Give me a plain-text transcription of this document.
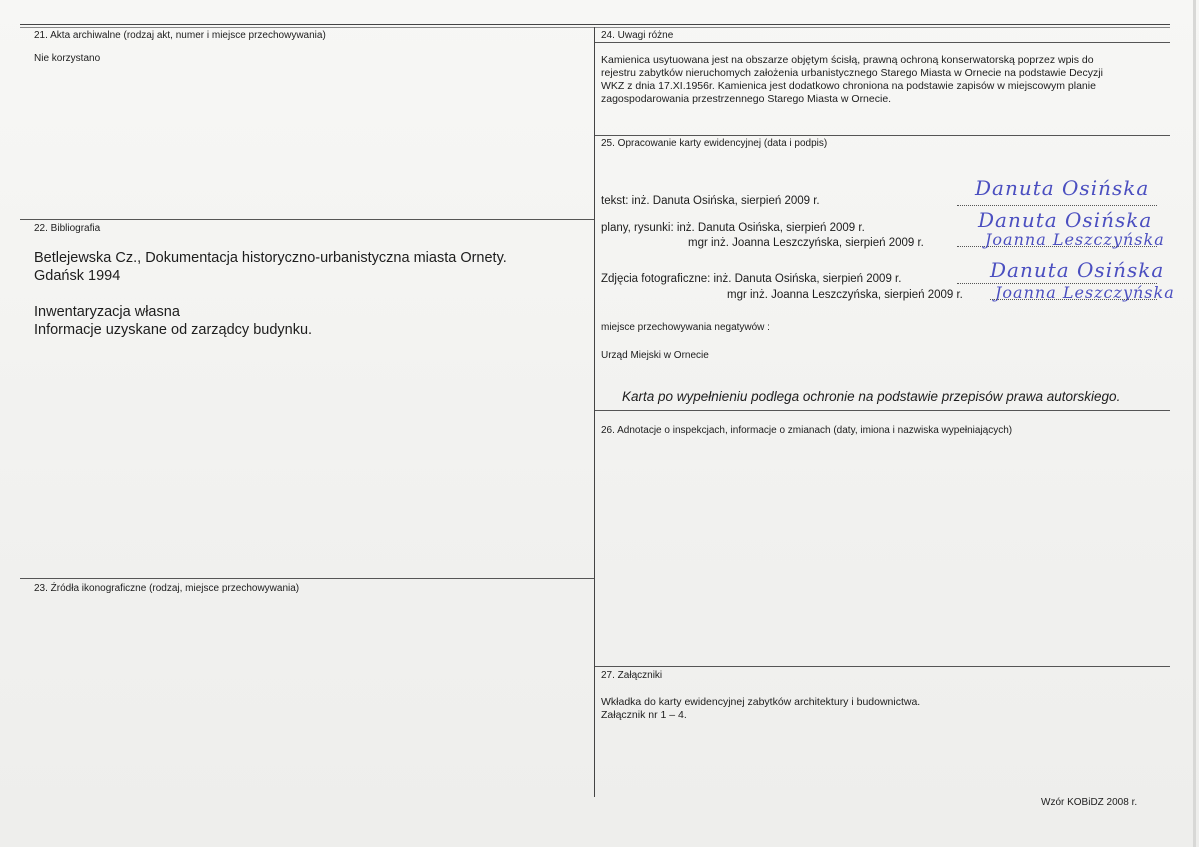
21. Akta archiwalne (rodzaj akt, numer i miejsce przechowywania)
Nie korzystano
22. Bibliografia
Betlejewska Cz., Dokumentacja historyczno-urbanistyczna miasta Ornety.
Gdańsk 1994
Inwentaryzacja własna
Informacje uzyskane od zarządcy budynku.
23. Źródła ikonograficzne (rodzaj, miejsce przechowywania)
24. Uwagi różne
Kamienica usytuowana jest na obszarze objętym ścisłą, prawną ochroną konserwatorską poprzez wpis do
rejestru zabytków nieruchomych założenia urbanistycznego Starego Miasta w Ornecie na podstawie Decyzji
WKZ z dnia 17.XI.1956r. Kamienica jest dodatkowo chroniona na podstawie zapisów w miejscowym planie
zagospodarowania przestrzennego Starego Miasta w Ornecie.
25. Opracowanie karty ewidencyjnej (data i podpis)
tekst: inż. Danuta Osińska, sierpień 2009 r.
Danuta Osińska
plany, rysunki: inż. Danuta Osińska, sierpień 2009 r.	Danuta Osińska
mgr inż. Joanna Leszczyńska, sierpień 2009 r.	Joanna Leszczyńska
Zdjęcia fotograficzne: inż. Danuta Osińska, sierpień 2009 r.	Danuta Osińska
mgr inż. Joanna Leszczyńska, sierpień 2009 r. Joanna Leszczyńska
miejsce przechowywania negatywów :
Urząd Miejski w Ornecie
Karta po wypełnieniu podlega ochronie na podstawie przepisów prawa autorskiego.
26. Adnotacje o inspekcjach, informacje o zmianach (daty, imiona i nazwiska wypełniających)
27. Załączniki
Wkładka do karty ewidencyjnej zabytków architektury i budownictwa.
Załącznik nr 1 – 4.
Wzór KOBiDZ 2008 r.
